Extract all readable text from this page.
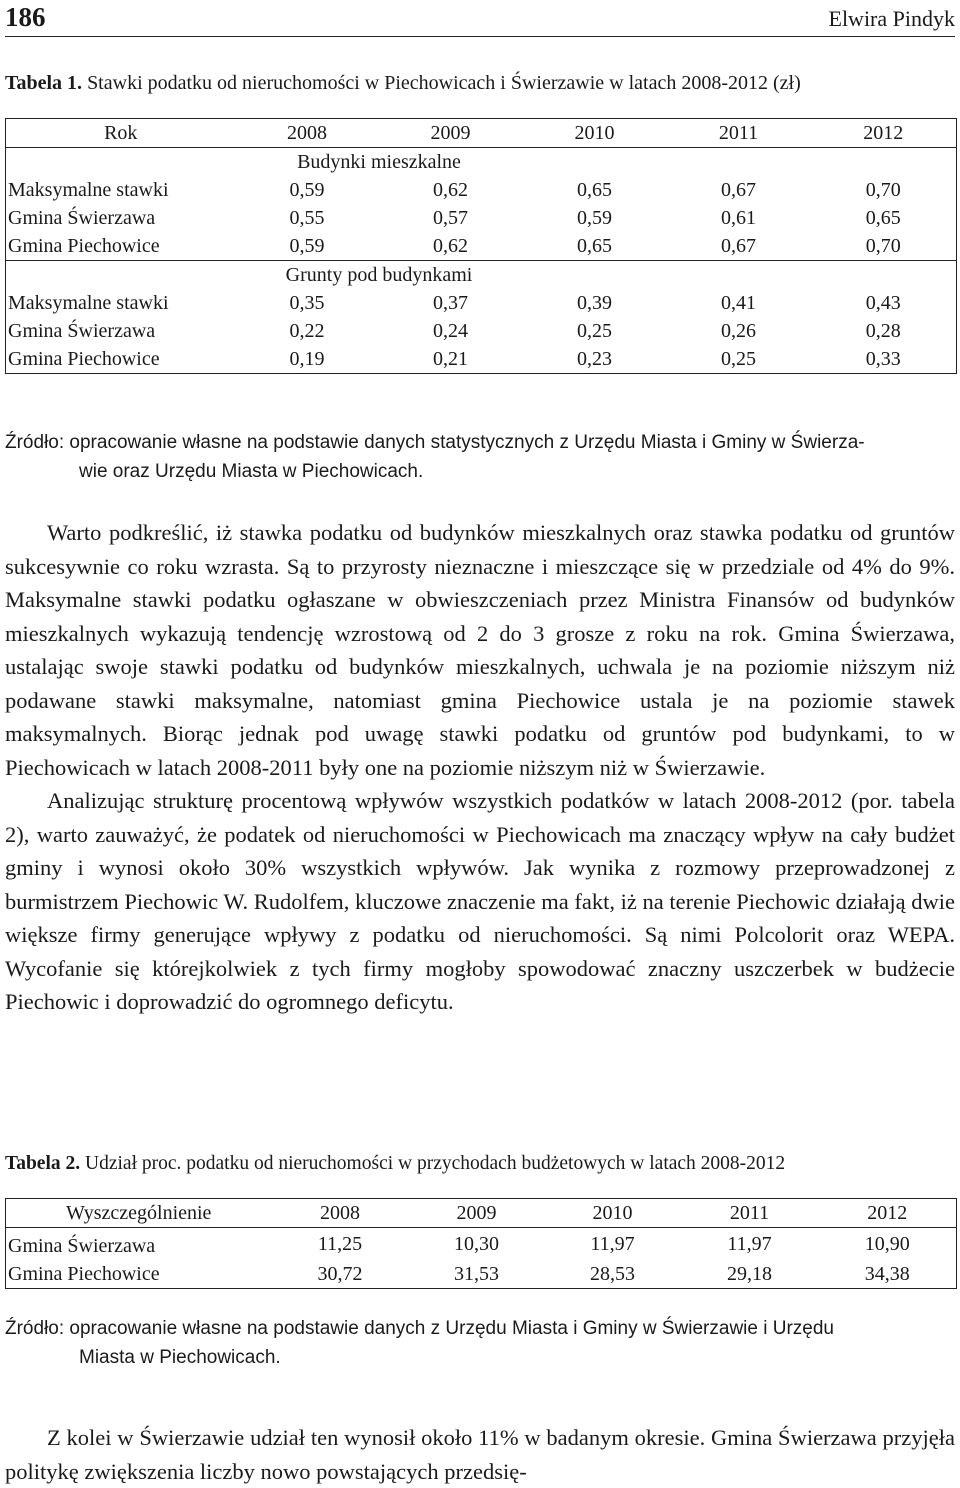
186	Elwira Pindyk
Tabela 1. Stawki podatku od nieruchomości w Piechowicach i Świerzawie w latach 2008-2012 (zł)
Rok	2008	2009	2010	2011	2012
	Budynki mieszkalne				
Maksymalne stawki	0,59	0,62	0,65	0,67	0,70
Gmina Świerzawa	0,55	0,57	0,59	0,61	0,65
Gmina Piechowice	0,59	0,62	0,65	0,67	0,70
	Grunty pod budynkami				
Maksymalne stawki	0,35	0,37	0,39	0,41	0,43
Gmina Świerzawa	0,22	0,24	0,25	0,26	0,28
Gmina Piechowice	0,19	0,21	0,23	0,25	0,33
Źródło: opracowanie własne na podstawie danych statystycznych z Urzędu Miasta i Gminy w Świerza-
wie oraz Urzędu Miasta w Piechowicach.

Warto podkreślić, iż stawka podatku od budynków mieszkalnych oraz stawka podatku od gruntów sukcesywnie co roku wzrasta. Są to przyrosty nieznaczne i mieszczące się w przedziale od 4% do 9%. Maksymalne stawki podatku ogłaszane w obwieszczeniach przez Ministra Finansów od budynków mieszkalnych wykazują tendencję wzrostową od 2 do 3 grosze z roku na rok. Gmina Świerzawa, ustalając swoje stawki podatku od budynków mieszkalnych, uchwala je na poziomie niższym niż podawane stawki maksymalne, natomiast gmina Piechowice ustala je na poziomie stawek maksymalnych. Biorąc jednak pod uwagę stawki podatku od gruntów pod budynkami, to w Piechowicach w latach 2008-2011 były one na poziomie niższym niż w Świerzawie.

Analizując strukturę procentową wpływów wszystkich podatków w latach 2008-2012 (por. tabela 2), warto zauważyć, że podatek od nieruchomości w Piechowicach ma znaczący wpływ na cały budżet gminy i wynosi około 30% wszystkich wpływów. Jak wynika z rozmowy przeprowadzonej z burmistrzem Piechowic W. Rudolfem, kluczowe znaczenie ma fakt, iż na terenie Piechowic działają dwie większe firmy generujące wpływy z podatku od nieruchomości. Są nimi Polcolorit oraz WEPA. Wycofanie się którejkolwiek z tych firmy mogłoby spowodować znaczny uszczerbek w budżecie Piechowic i doprowadzić do ogromnego deficytu.

Tabela 2. Udział proc. podatku od nieruchomości w przychodach budżetowych w latach 2008-2012
Wyszczególnienie	2008	2009	2010	2011	2012
Gmina Świerzawa	11,25	10,30	11,97	11,97	10,90
Gmina Piechowice	30,72	31,53	28,53	29,18	34,38
Źródło: opracowanie własne na podstawie danych z Urzędu Miasta i Gminy w Świerzawie i Urzędu
Miasta w Piechowicach.

Z kolei w Świerzawie udział ten wynosił około 11% w badanym okresie. Gmina Świerzawa przyjęła politykę zwiększenia liczby nowo powstających przedsię-
